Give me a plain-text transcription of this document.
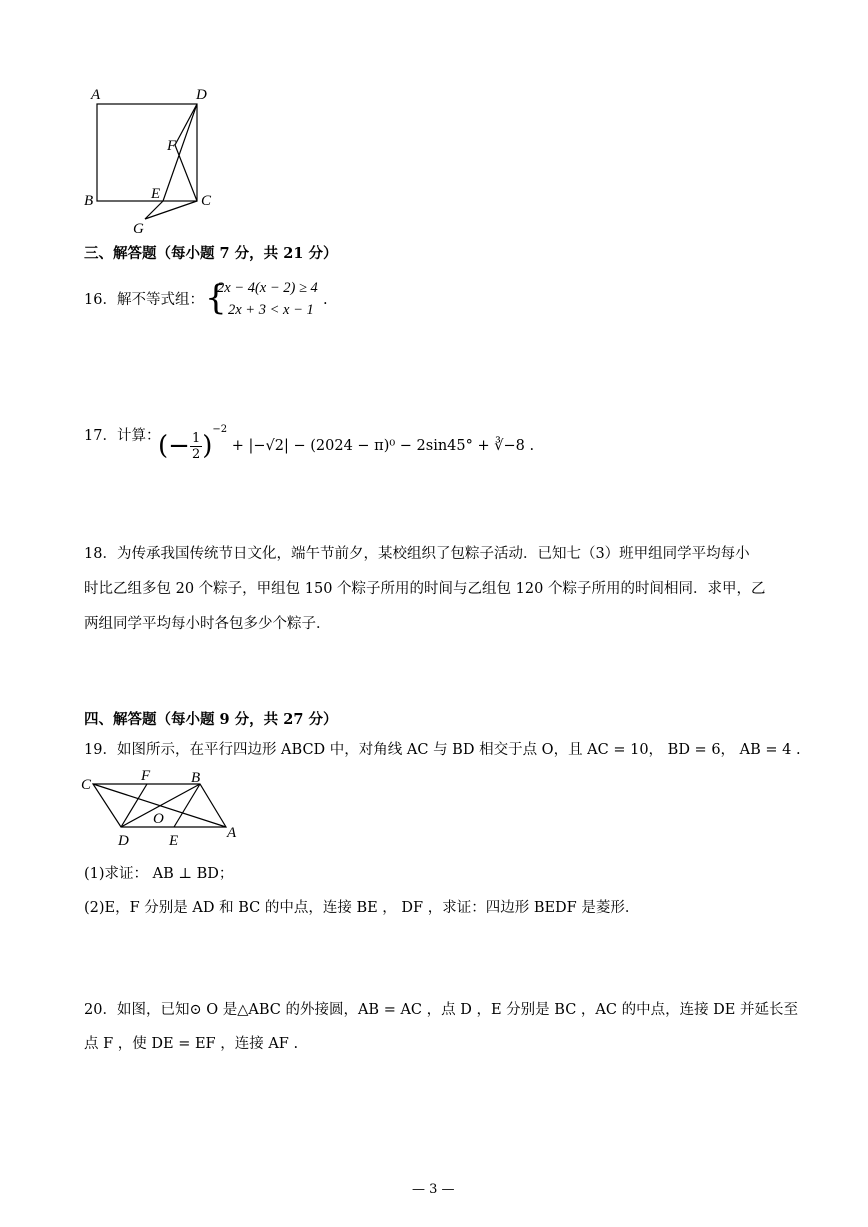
A	D
F
B	E	C
G
三、解答题（每小题 7 分，共 21 分）
16．解不等式组： {
2x − 4(x − 2) ≥ 4
2x + 3 < x − 1
.
17．计算：
(− $\frac{1}{2} )^{-2} + |-√2| - (2024 - \pi)^0 - 2\sin 45^\circ$ + ∛−8 .
18．为传承我国传统节日文化，端午节前夕，某校组织了包粽子活动．已知七（3）班甲组同学平均每小
时比乙组多包 20 个粽子，甲组包 150 个粽子所用的时间与乙组包 120 个粽子所用的时间相同．求甲，乙
两组同学平均每小时各包多少个粽子．
四、解答题（每小题 9 分，共 27 分）
19．如图所示，在平行四边形 ABCD 中，对角线 AC 与 BD 相交于点 O，且 AC = 10， BD = 6， AB = 4 .
C
F	B
O
D	E	A
(1)求证： AB ⊥ BD；
(2)E，F 分别是 AD 和 BC 的中点，连接 BE ， DF ，求证：四边形 BEDF 是菱形．
20．如图，已知⊙ O 是△ABC 的外接圆，AB = AC ，点 D ，E 分别是 BC ，AC 的中点，连接 DE 并延长至
点 F ，使 DE = EF ，连接 AF .
— 3 —
